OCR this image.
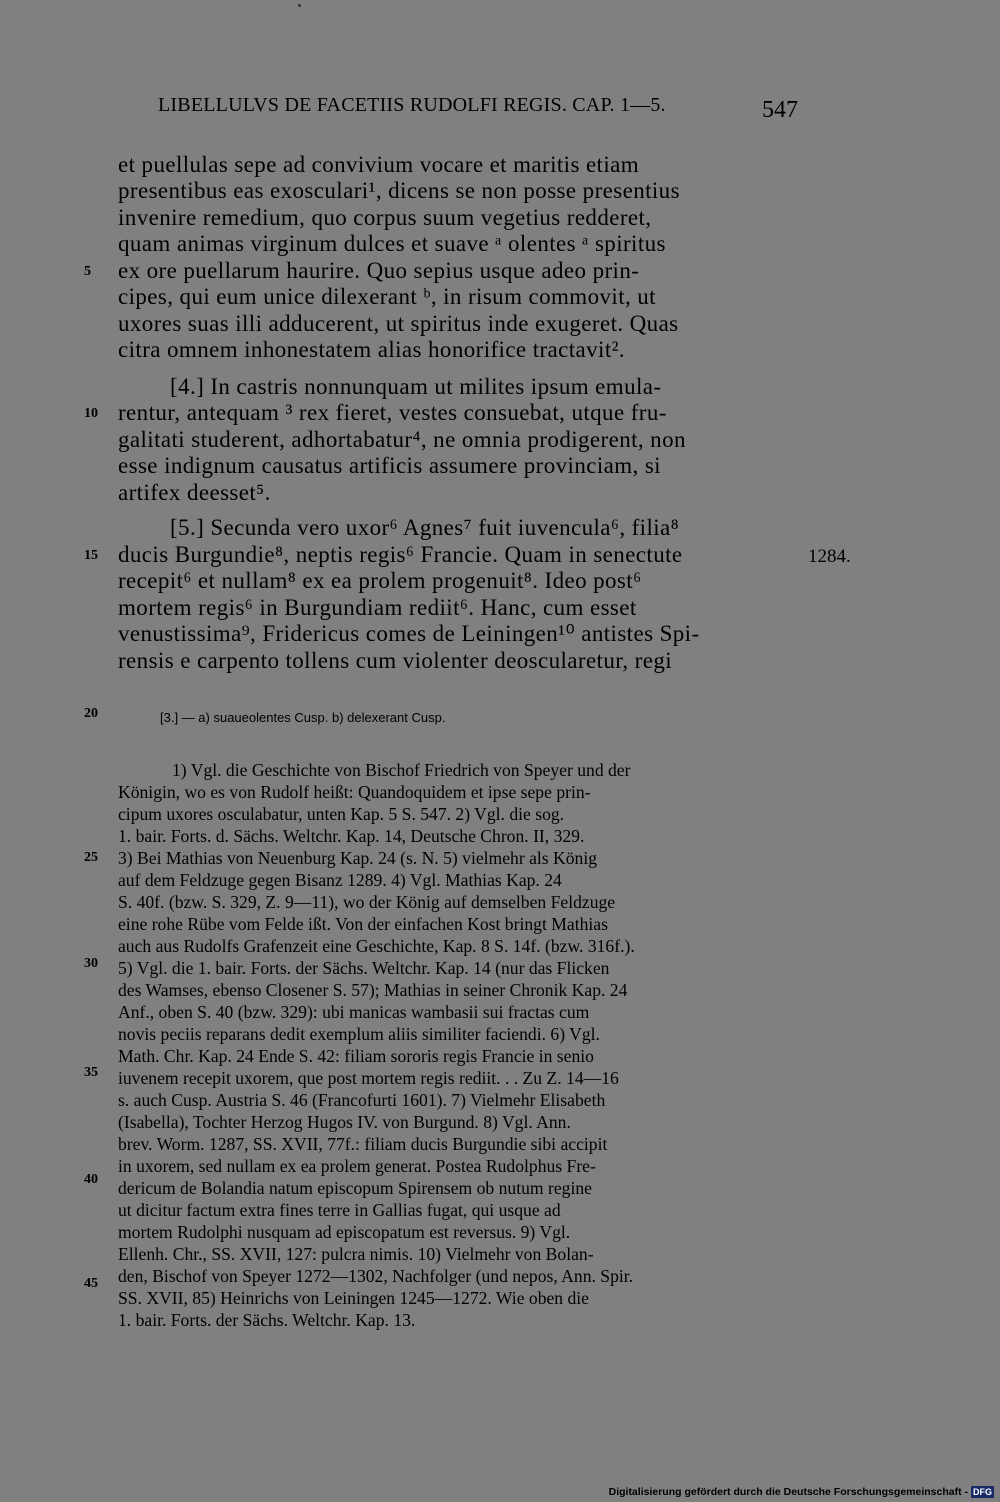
LIBELLULVS DE FACETIIS RUDOLFI REGIS. CAP. 1—5.	547
et puellulas sepe ad convivium vocare et maritis etiam
presentibus eas exosculari¹, dicens se non posse presentius
invenire remedium, quo corpus suum vegetius redderet,
quam animas virginum dulces et suave ᵃ olentes ᵃ spiritus
ex ore puellarum haurire. Quo sepius usque adeo prin-
cipes, qui eum unice dilexerant ᵇ, in risum commovit, ut
uxores suas illi adducerent, ut spiritus inde exugeret. Quas
citra omnem inhonestatem alias honorifice tractavit².
[4.] In castris nonnunquam ut milites ipsum emula-
rentur, antequam ³ rex fieret, vestes consuebat, utque fru-
galitati studerent, adhortabatur⁴, ne omnia prodigerent, non
esse indignum causatus artificis assumere provinciam, si
artifex deesset⁵.
[5.] Secunda vero uxor⁶ Agnes⁷ fuit iuvencula⁶, filia⁸
ducis Burgundie⁸, neptis regis⁶ Francie. Quam in senectute
recepit⁶ et nullam⁸ ex ea prolem progenuit⁸. Ideo post⁶
mortem regis⁶ in Burgundiam rediit⁶. Hanc, cum esset
venustissima⁹, Fridericus comes de Leiningen¹⁰ antistes Spi-
rensis e carpento tollens cum violenter deoscularetur, regi
5
10
15
20
25
30
35
40
45
1284.
[3.] — a) suaueolentes Cusp. b) delexerant Cusp.
1) Vgl. die Geschichte von Bischof Friedrich von Speyer und der
Königin, wo es von Rudolf heißt: Quandoquidem et ipse sepe prin-
cipum uxores osculabatur, unten Kap. 5 S. 547. 2) Vgl. die sog.
1. bair. Forts. d. Sächs. Weltchr. Kap. 14, Deutsche Chron. II, 329.
3) Bei Mathias von Neuenburg Kap. 24 (s. N. 5) vielmehr als König
auf dem Feldzuge gegen Bisanz 1289. 4) Vgl. Mathias Kap. 24
S. 40f. (bzw. S. 329, Z. 9—11), wo der König auf demselben Feldzuge
eine rohe Rübe vom Felde ißt. Von der einfachen Kost bringt Mathias
auch aus Rudolfs Grafenzeit eine Geschichte, Kap. 8 S. 14f. (bzw. 316f.).
5) Vgl. die 1. bair. Forts. der Sächs. Weltchr. Kap. 14 (nur das Flicken
des Wamses, ebenso Closener S. 57); Mathias in seiner Chronik Kap. 24
Anf., oben S. 40 (bzw. 329): ubi manicas wambasii sui fractas cum
novis peciis reparans dedit exemplum aliis similiter faciendi. 6) Vgl.
Math. Chr. Kap. 24 Ende S. 42: filiam sororis regis Francie in senio
iuvenem recepit uxorem, que post mortem regis rediit. . . Zu Z. 14—16
s. auch Cusp. Austria S. 46 (Francofurti 1601). 7) Vielmehr Elisabeth
(Isabella), Tochter Herzog Hugos IV. von Burgund. 8) Vgl. Ann.
brev. Worm. 1287, SS. XVII, 77f.: filiam ducis Burgundie sibi accipit
in uxorem, sed nullam ex ea prolem generat. Postea Rudolphus Fre-
dericum de Bolandia natum episcopum Spirensem ob nutum regine
ut dicitur factum extra fines terre in Gallias fugat, qui usque ad
mortem Rudolphi nusquam ad episcopatum est reversus. 9) Vgl.
Ellenh. Chr., SS. XVII, 127: pulcra nimis. 10) Vielmehr von Bolan-
den, Bischof von Speyer 1272—1302, Nachfolger (und nepos, Ann. Spir.
SS. XVII, 85) Heinrichs von Leiningen 1245—1272. Wie oben die
1. bair. Forts. der Sächs. Weltchr. Kap. 13.
Digitalisierung gefördert durch die Deutsche Forschungsgemeinschaft - DFG
